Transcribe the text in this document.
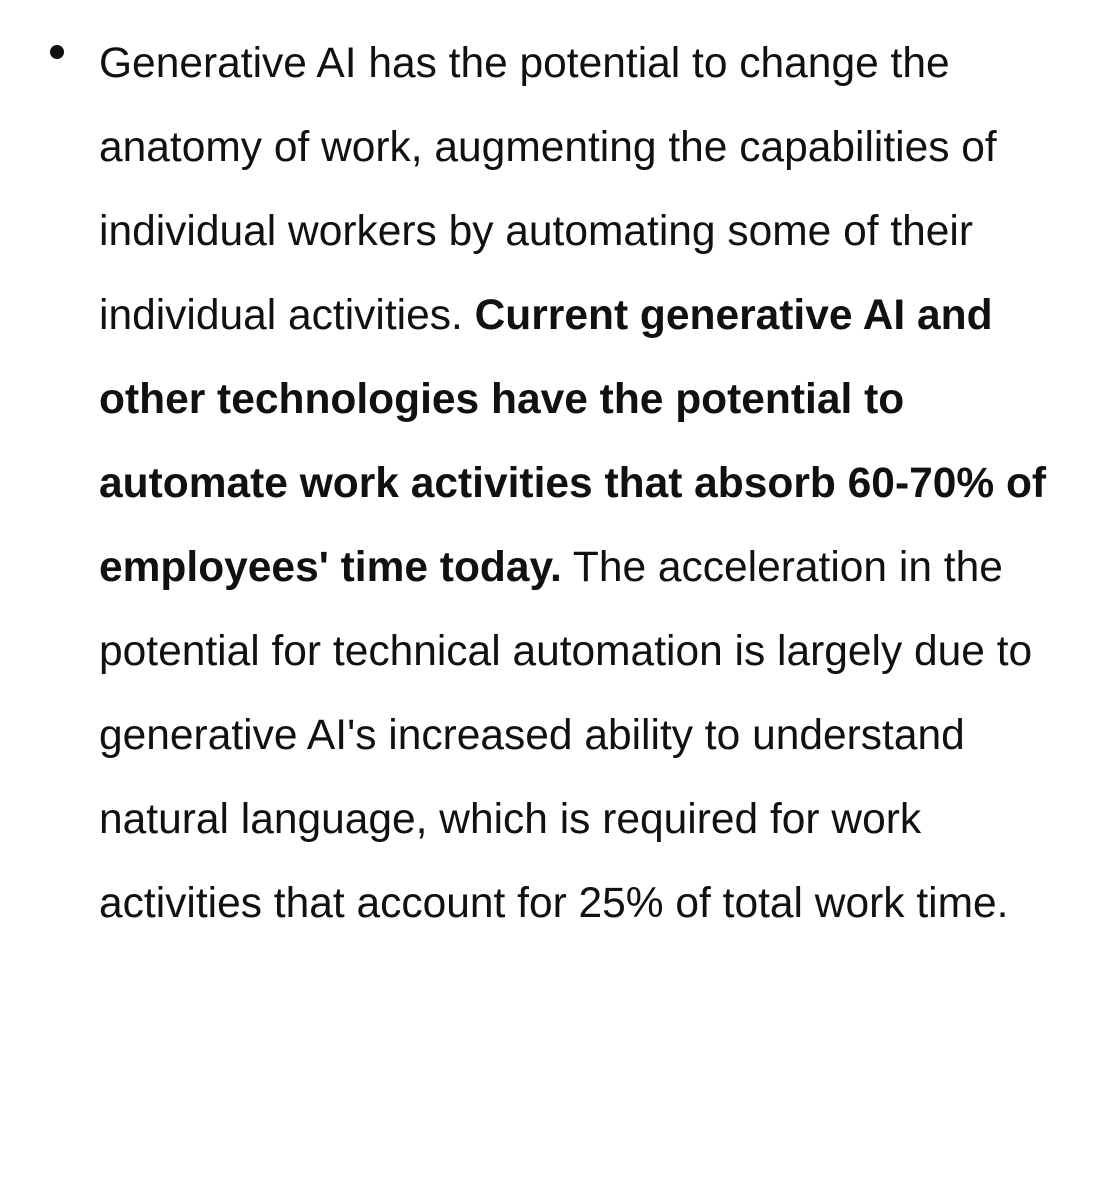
Generative AI has the potential to change the anatomy of work, augmenting the capabilities of individual workers by automating some of their individual activities. Current generative AI and other technologies have the potential to automate work activities that absorb 60-70% of employees' time today. The acceleration in the potential for technical automation is largely due to generative AI's increased ability to understand natural language, which is required for work activities that account for 25% of total work time.
